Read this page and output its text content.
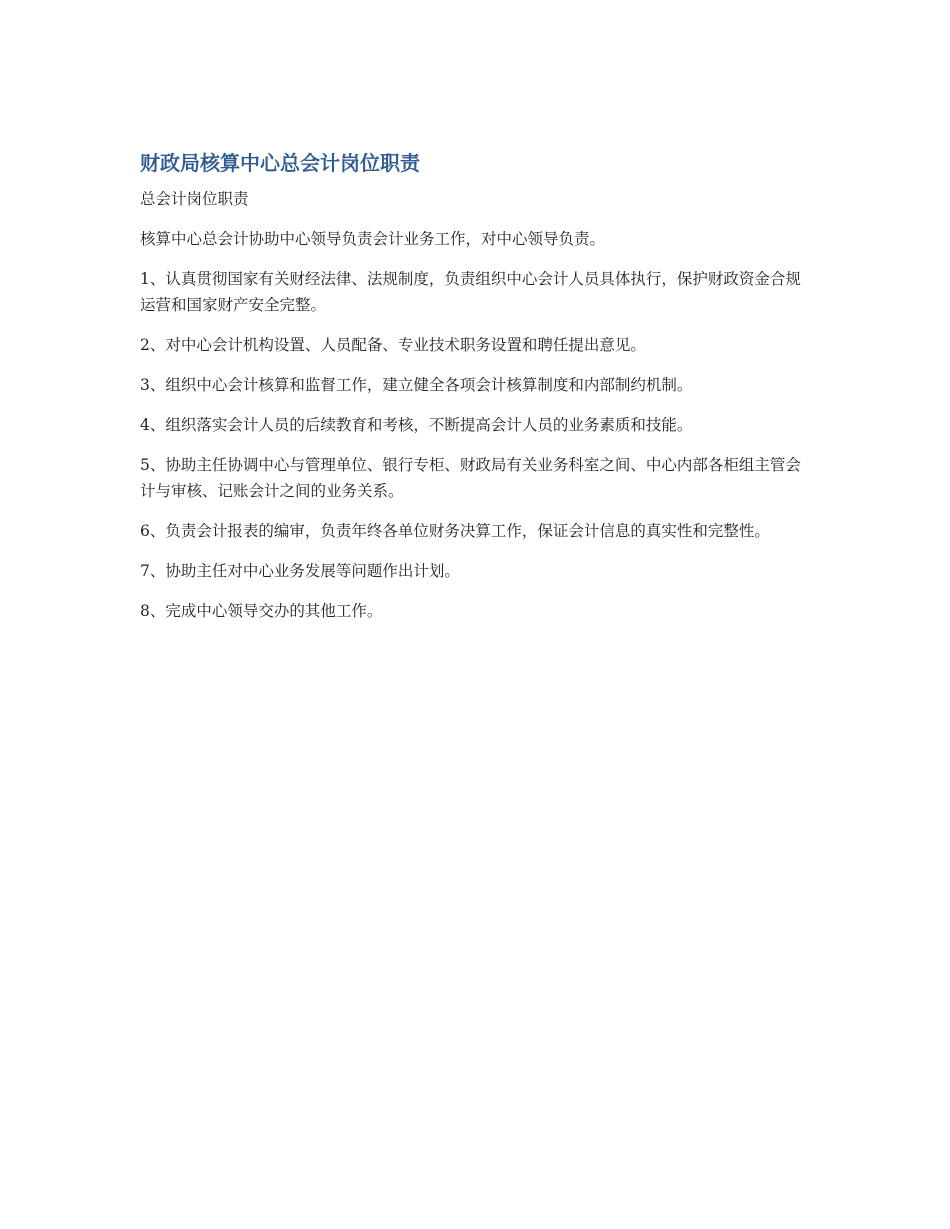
财政局核算中心总会计岗位职责

总会计岗位职责

核算中心总会计协助中心领导负责会计业务工作，对中心领导负责。

1、认真贯彻国家有关财经法律、法规制度，负责组织中心会计人员具体执行，保护财政资金合规运营和国家财产安全完整。

2、对中心会计机构设置、人员配备、专业技术职务设置和聘任提出意见。

3、组织中心会计核算和监督工作，建立健全各项会计核算制度和内部制约机制。

4、组织落实会计人员的后续教育和考核，不断提高会计人员的业务素质和技能。

5、协助主任协调中心与管理单位、银行专柜、财政局有关业务科室之间、中心内部各柜组主管会计与审核、记账会计之间的业务关系。

6、负责会计报表的编审，负责年终各单位财务决算工作，保证会计信息的真实性和完整性。

7、协助主任对中心业务发展等问题作出计划。

8、完成中心领导交办的其他工作。
